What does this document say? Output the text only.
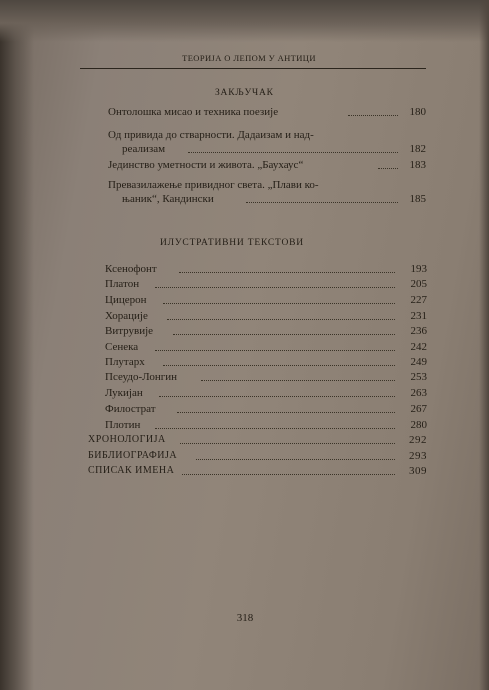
ТЕОРИЈА О ЛЕПОМ У АНТИЦИ
ЗАКЉУЧАК
Онтолошка мисао и техника поезије	180
Од привида до стварности. Дадаизам и над-
реализам	182
Јединство уметности и живота. „Баухаус“	183
Превазилажење привидног света. „Плави ко-
њаник“, Кандински	185
ИЛУСТРАТИВНИ ТЕКСТОВИ
Ксенофонт	193
Платон	205
Цицерон	227
Хорације	231
Витрувије	236
Сенека	242
Плутарх	249
Псеудо-Лонгин	253
Лукијан	263
Филострат	267
Плотин	280
ХРОНОЛОГИЈА	292
БИБЛИОГРАФИЈА	293
СПИСАК ИМЕНА	309
318
